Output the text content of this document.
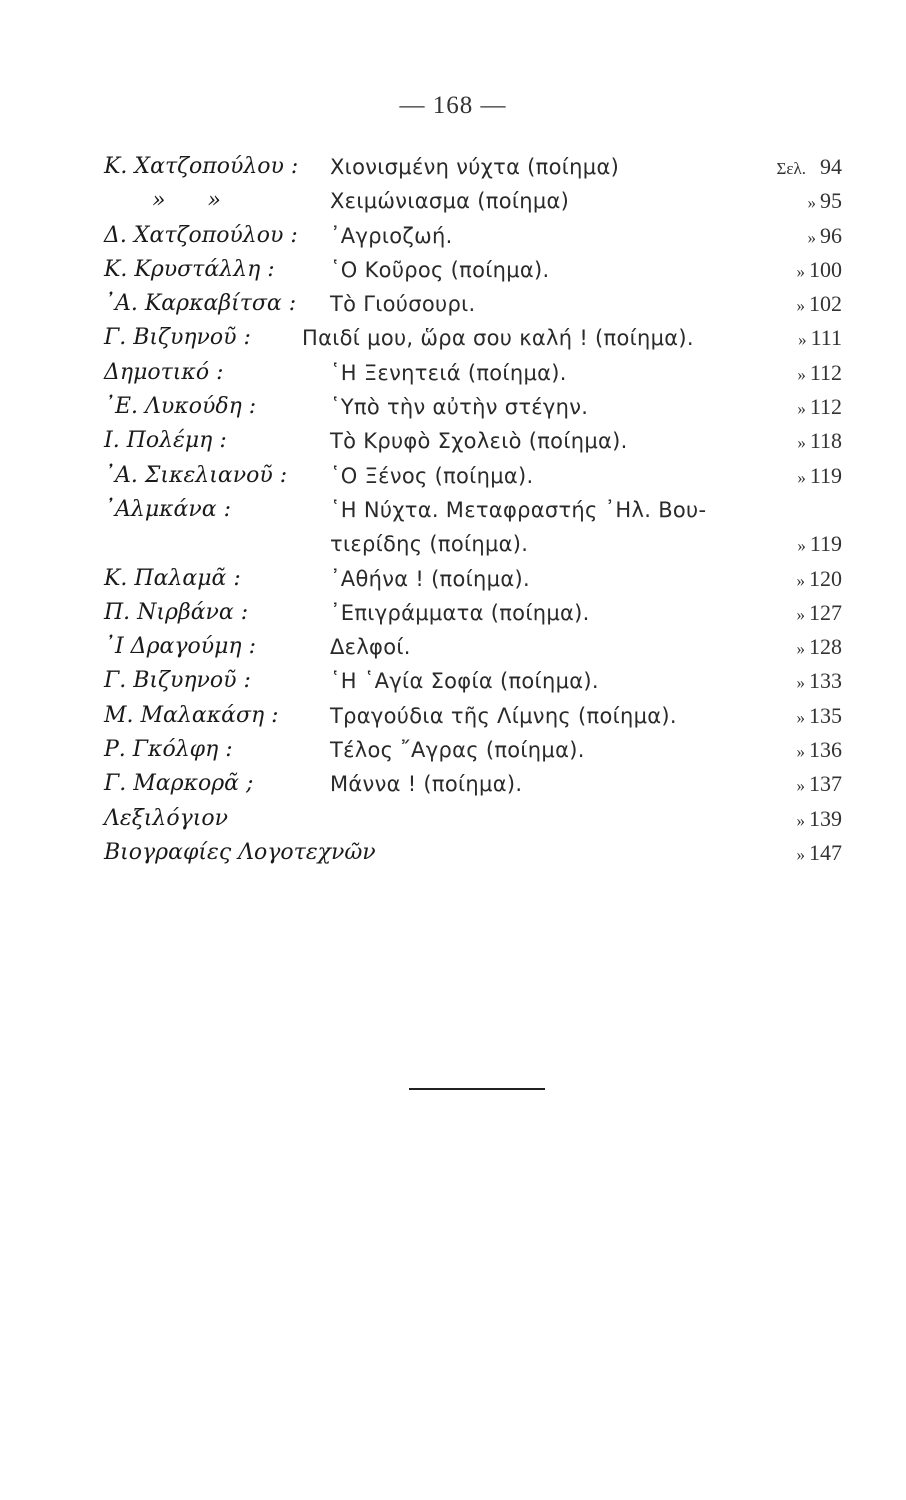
— 168 —
Κ. Χατζοπούλου : Χιονισμένη νύχτα (ποίημα)	Σελ. 94
»      »	Χειμώνιασμα (ποίημα)	» 95
Δ. Χατζοπούλου : ᾿Αγριοζωή.	» 96
Κ. Κρυστάλλη :	῾Ο Κοῦρος (ποίημα).	» 100
᾿Α. Καρκαβίτσα : Τὸ Γιούσουρι.	» 102
Γ. Βιζυηνοῦ : Παιδί μου, ὥρα σου καλή ! (ποίημα).	» 111
Δημοτικό :	῾Η Ξενητειά (ποίημα).	» 112
᾿Ε. Λυκούδη :	῾Υπὸ τὴν αὐτὴν στέγην.	» 112
Ι. Πολέμη :	Τὸ Κρυφὸ Σχολειὸ (ποίημα).	» 118
᾿Α. Σικελιανοῦ : ῾Ο Ξένος (ποίημα).	» 119
᾿Αλμκάνα :	῾Η Νύχτα. Μεταφραστής ᾿Ηλ. Βου-
τιερίδης (ποίημα).	» 119
Κ. Παλαμᾶ :	᾿Αθήνα ! (ποίημα).	» 120
Π. Νιρβάνα :	᾿Επιγράμματα (ποίημα).	» 127
᾿Ι Δραγούμη :	Δελφοί.	» 128
Γ. Βιζυηνοῦ :	῾Η ῾Αγία Σοφία (ποίημα).	» 133
Μ. Μαλακάση : Τραγούδια τῆς Λίμνης (ποίημα).	» 135
Ρ. Γκόλφη :	Τέλος ῎Αγρας (ποίημα).	» 136
Γ. Μαρκορᾶ ;	Μάννα ! (ποίημα).	» 137
Λεξιλόγιον	» 139
Βιογραφίες Λογοτεχνῶν	» 147
